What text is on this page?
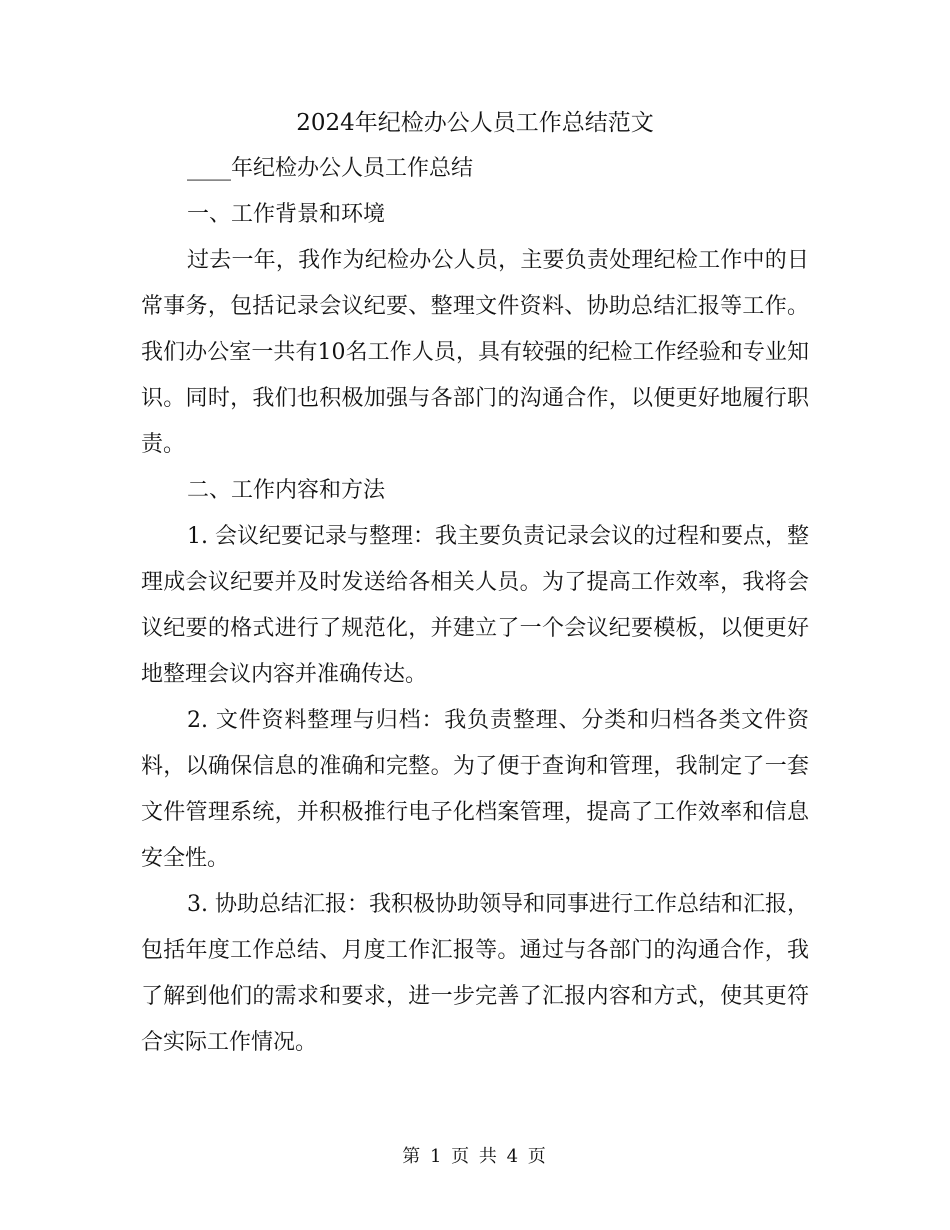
2024年纪检办公人员工作总结范文

____年纪检办公人员工作总结

一、工作背景和环境

过去一年，我作为纪检办公人员，主要负责处理纪检工作中的日常事务，包括记录会议纪要、整理文件资料、协助总结汇报等工作。我们办公室一共有10名工作人员，具有较强的纪检工作经验和专业知识。同时，我们也积极加强与各部门的沟通合作，以便更好地履行职责。

二、工作内容和方法

1. 会议纪要记录与整理：我主要负责记录会议的过程和要点，整理成会议纪要并及时发送给各相关人员。为了提高工作效率，我将会议纪要的格式进行了规范化，并建立了一个会议纪要模板，以便更好地整理会议内容并准确传达。

2. 文件资料整理与归档：我负责整理、分类和归档各类文件资料，以确保信息的准确和完整。为了便于查询和管理，我制定了一套文件管理系统，并积极推行电子化档案管理，提高了工作效率和信息安全性。

3. 协助总结汇报：我积极协助领导和同事进行工作总结和汇报，包括年度工作总结、月度工作汇报等。通过与各部门的沟通合作，我了解到他们的需求和要求，进一步完善了汇报内容和方式，使其更符合实际工作情况。

第 1 页 共 4 页
